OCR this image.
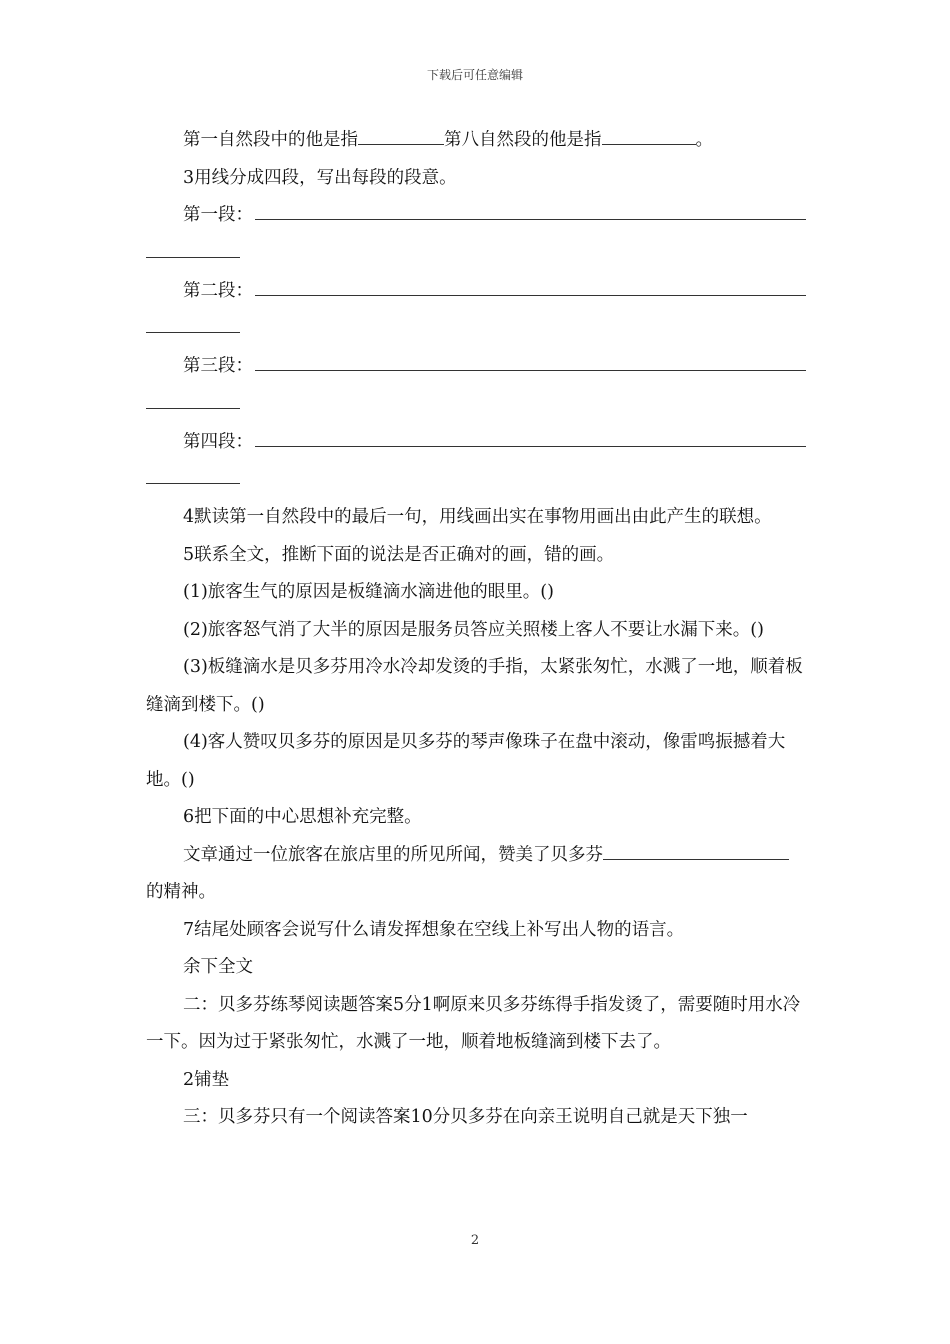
下载后可任意编辑

第一自然段中的他是指	第八自然段的他是指	。

3用线分成四段，写出每段的段意。

第一段：
第二段：
第三段：
第四段：

4默读第一自然段中的最后一句，用线画出实在事物用画出由此产生的联想。

5联系全文，推断下面的说法是否正确对的画，错的画。

(1)旅客生气的原因是板缝滴水滴进他的眼里。()

(2)旅客怒气消了大半的原因是服务员答应关照楼上客人不要让水漏下来。()

(3)板缝滴水是贝多芬用冷水冷却发烫的手指，太紧张匆忙，水溅了一地，顺着板缝滴到楼下。()

(4)客人赞叹贝多芬的原因是贝多芬的琴声像珠子在盘中滚动，像雷鸣振撼着大地。()

6把下面的中心思想补充完整。

文章通过一位旅客在旅店里的所见所闻，赞美了贝多芬的精神。

7结尾处顾客会说写什么请发挥想象在空线上补写出人物的语言。

余下全文

二：贝多芬练琴阅读题答案5分1啊原来贝多芬练得手指发烫了，需要随时用水冷一下。因为过于紧张匆忙，水溅了一地，顺着地板缝滴到楼下去了。

2铺垫

三：贝多芬只有一个阅读答案10分贝多芬在向亲王说明自己就是天下独一

2
